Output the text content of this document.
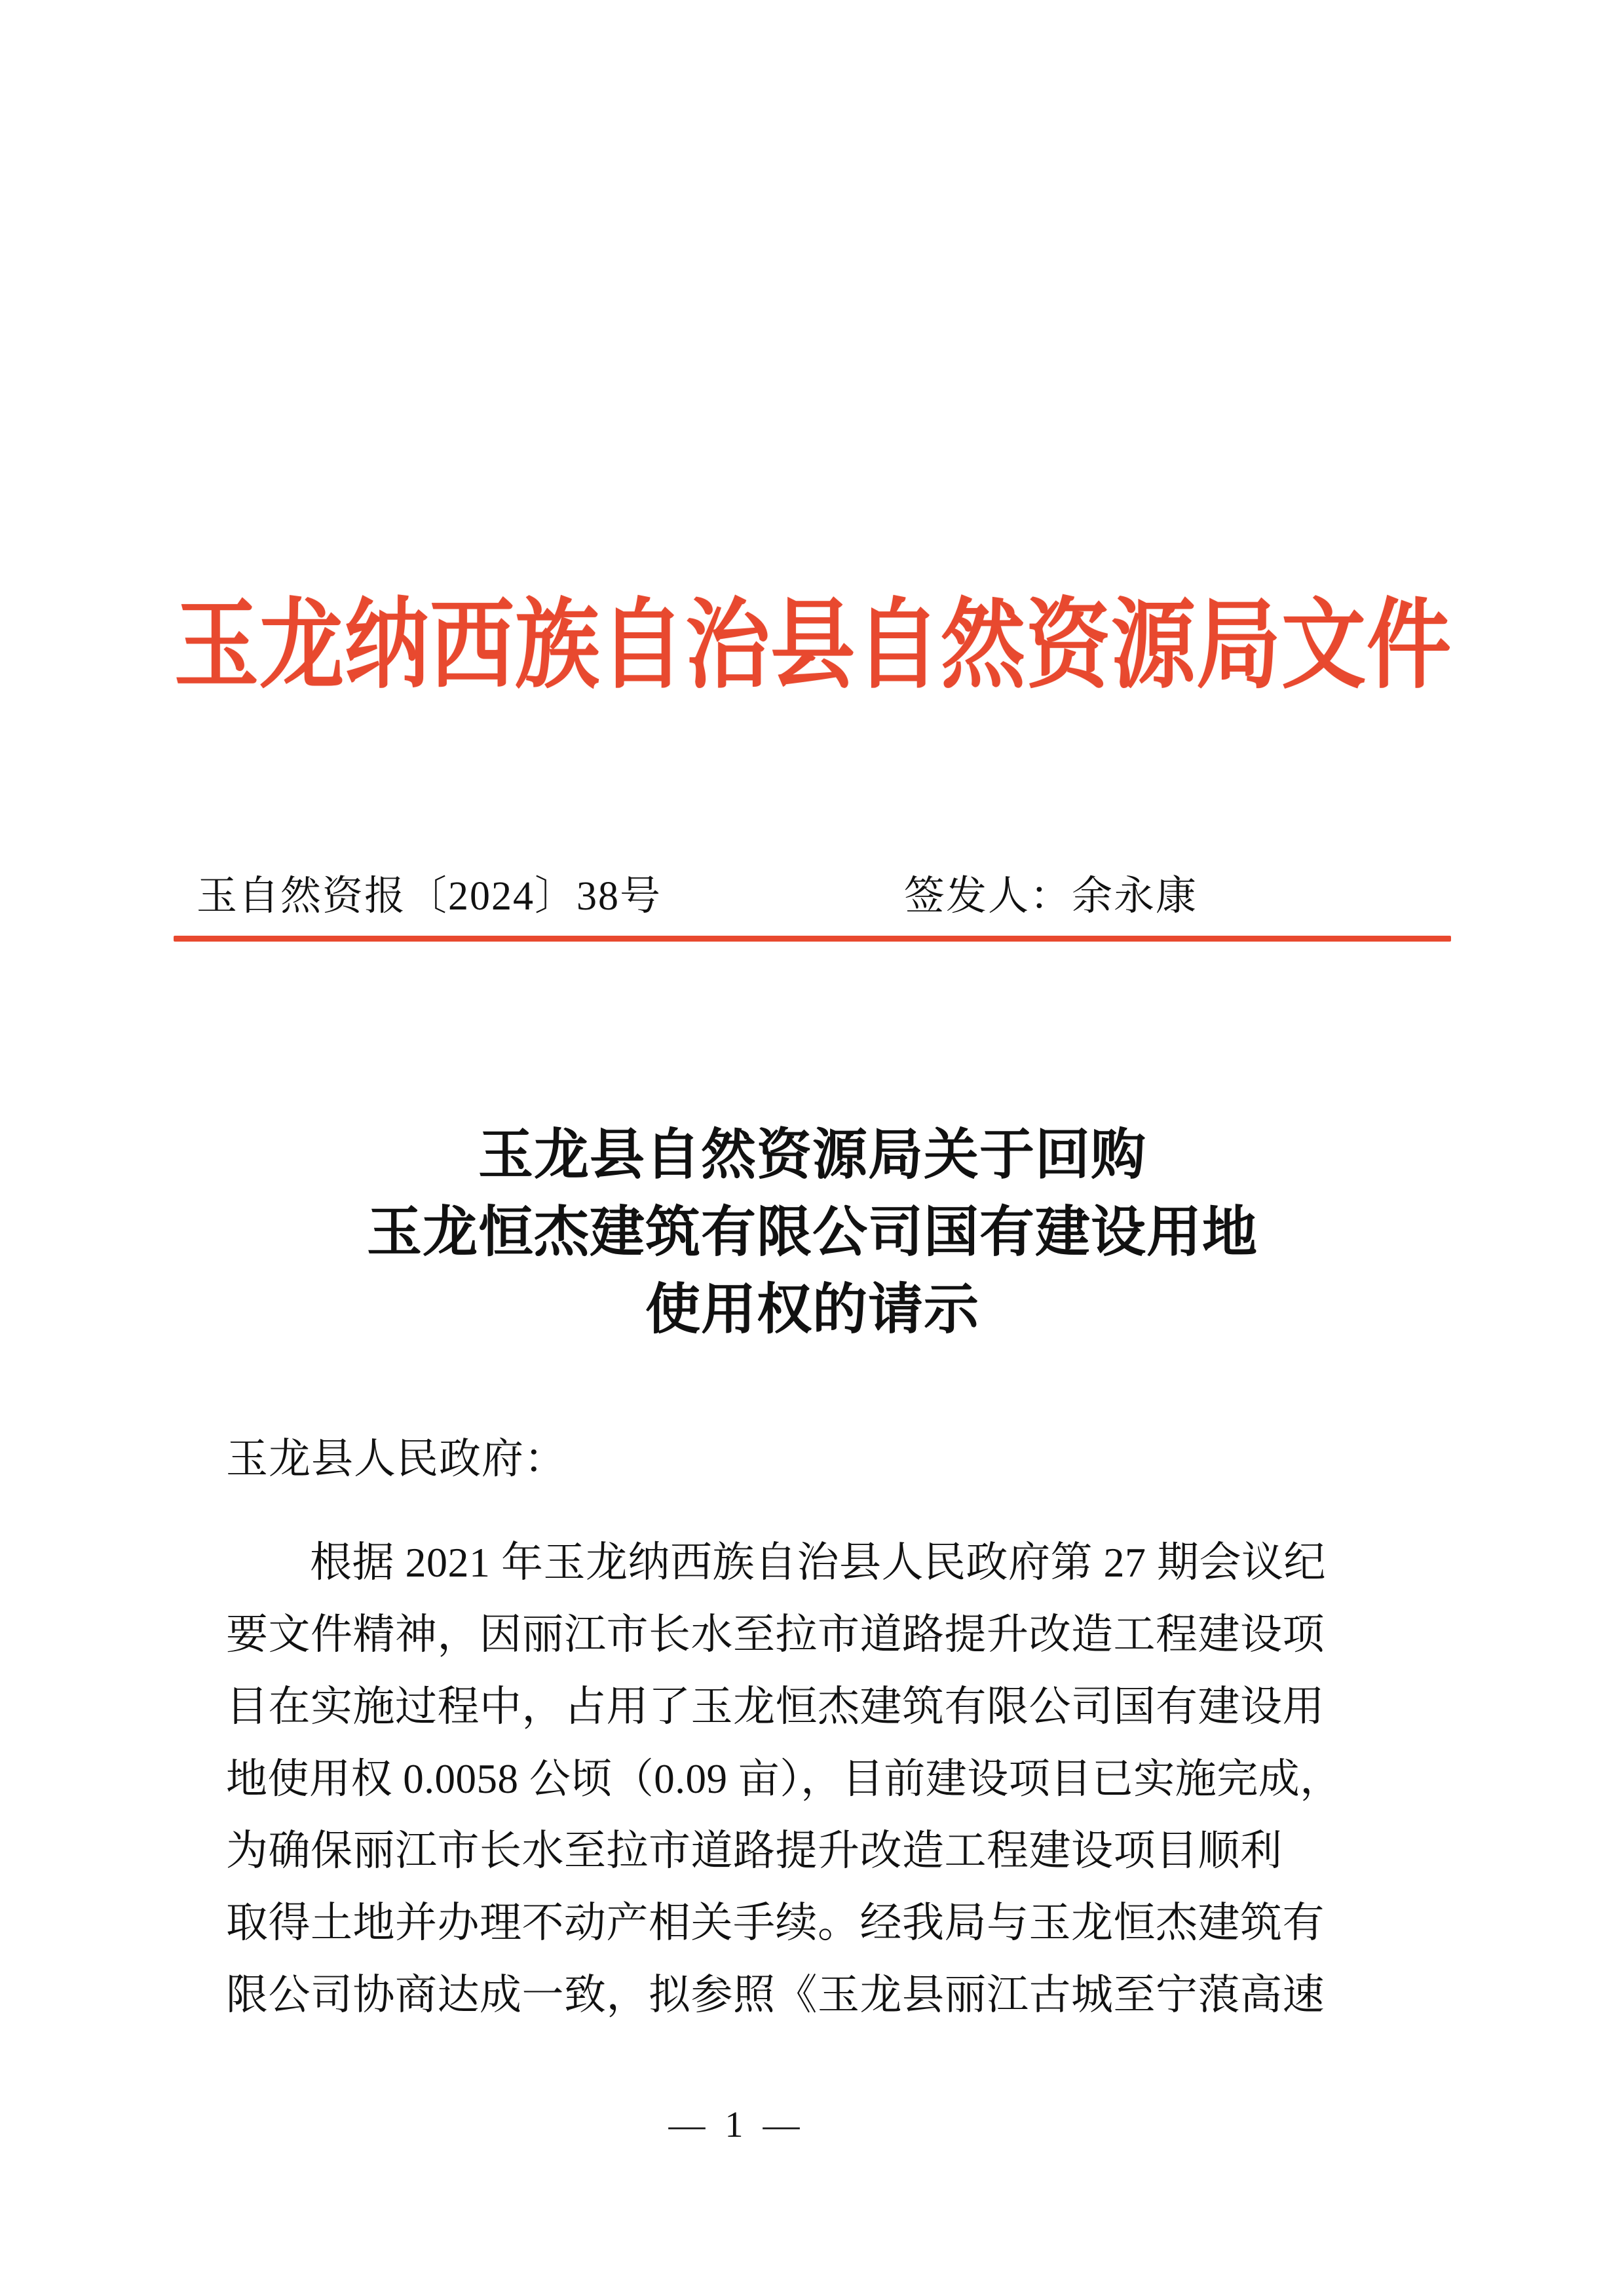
玉龙纳西族自治县自然资源局文件
玉自然资报〔2024〕38号	签发人：余永康
玉龙县自然资源局关于回购
玉龙恒杰建筑有限公司国有建设用地
使用权的请示
玉龙县人民政府：
根据 2021 年玉龙纳西族自治县人民政府第 27 期会议纪
要文件精神，因丽江市长水至拉市道路提升改造工程建设项
目在实施过程中，占用了玉龙恒杰建筑有限公司国有建设用
地使用权 0.0058 公顷（0.09 亩），目前建设项目已实施完成，
为确保丽江市长水至拉市道路提升改造工程建设项目顺利
取得土地并办理不动产相关手续。经我局与玉龙恒杰建筑有
限公司协商达成一致，拟参照《玉龙县丽江古城至宁蒗高速
— 1 —
